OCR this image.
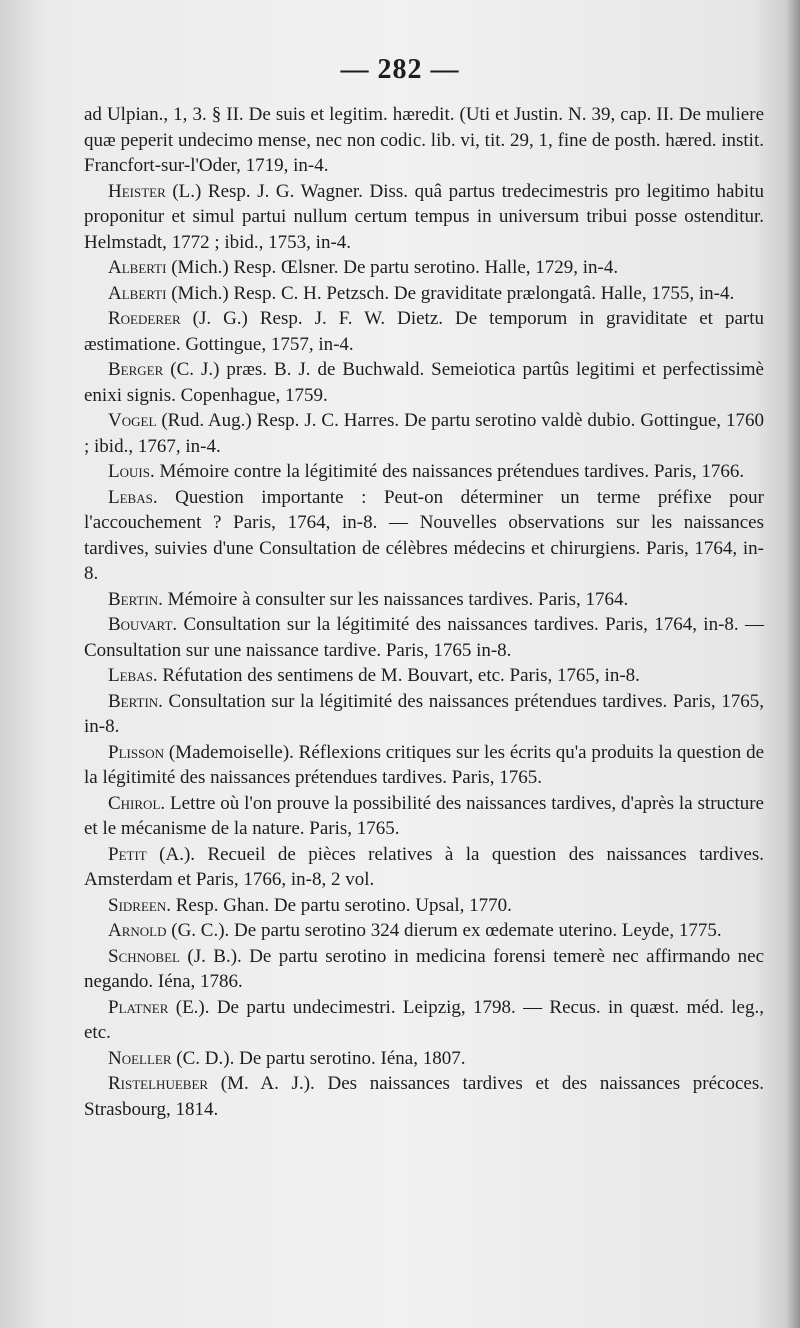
— 282 —

ad Ulpian., 1, 3. § II. De suis et legitim. hæredit. (Uti et Justin. N. 39, cap. II. De muliere quæ peperit undecimo mense, nec non codic. lib. vi, tit. 29, 1, fine de posth. hæred. instit. Francfort-sur-l'Oder, 1719, in-4.

Heister (L.) Resp. J. G. Wagner. Diss. quâ partus tredecimestris pro legitimo habitu proponitur et simul partui nullum certum tempus in universum tribui posse ostenditur. Helmstadt, 1772 ; ibid., 1753, in-4.

Alberti (Mich.) Resp. Œlsner. De partu serotino. Halle, 1729, in-4.

Alberti (Mich.) Resp. C. H. Petzsch. De graviditate prælongatâ. Halle, 1755, in-4.

Roederer (J. G.) Resp. J. F. W. Dietz. De temporum in graviditate et partu æstimatione. Gottingue, 1757, in-4.

Berger (C. J.) præs. B. J. de Buchwald. Semeiotica partûs legitimi et perfectissimè enixi signis. Copenhague, 1759.

Vogel (Rud. Aug.) Resp. J. C. Harres. De partu serotino valdè dubio. Gottingue, 1760 ; ibid., 1767, in-4.

Louis. Mémoire contre la légitimité des naissances prétendues tardives. Paris, 1766.

Lebas. Question importante : Peut-on déterminer un terme préfixe pour l'accouchement ? Paris, 1764, in-8. — Nouvelles observations sur les naissances tardives, suivies d'une Consultation de célèbres médecins et chirurgiens. Paris, 1764, in-8.

Bertin. Mémoire à consulter sur les naissances tardives. Paris, 1764.

Bouvart. Consultation sur la légitimité des naissances tardives. Paris, 1764, in-8. — Consultation sur une naissance tardive. Paris, 1765 in-8.

Lebas. Réfutation des sentimens de M. Bouvart, etc. Paris, 1765, in-8.

Bertin. Consultation sur la légitimité des naissances prétendues tardives. Paris, 1765, in-8.

Plisson (Mademoiselle). Réflexions critiques sur les écrits qu'a produits la question de la légitimité des naissances prétendues tardives. Paris, 1765.

Chirol. Lettre où l'on prouve la possibilité des naissances tardives, d'après la structure et le mécanisme de la nature. Paris, 1765.

Petit (A.). Recueil de pièces relatives à la question des naissances tardives. Amsterdam et Paris, 1766, in-8, 2 vol.

Sidreen. Resp. Ghan. De partu serotino. Upsal, 1770.

Arnold (G. C.). De partu serotino 324 dierum ex œdemate uterino. Leyde, 1775.

Schnobel (J. B.). De partu serotino in medicina forensi temerè nec affirmando nec negando. Iéna, 1786.

Platner (E.). De partu undecimestri. Leipzig, 1798. — Recus. in quæst. méd. leg., etc.

Noeller (C. D.). De partu serotino. Iéna, 1807.

Ristelhueber (M. A. J.). Des naissances tardives et des naissances précoces. Strasbourg, 1814.
